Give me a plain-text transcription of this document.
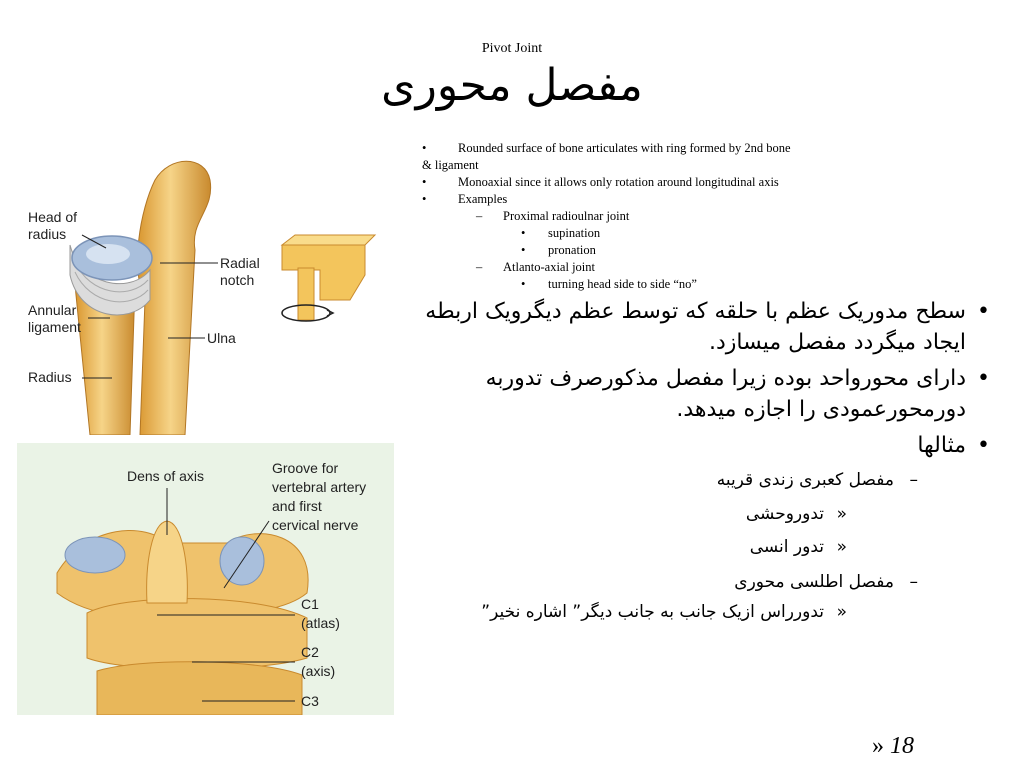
Pivot Joint
مفصل محوری
•	Rounded surface of bone articulates with ring formed by 2nd bone
& ligament
•	Monoaxial since it allows only rotation around longitudinal axis
•	Examples
– Proximal radioulnar joint
• supination
• pronation
– Atlanto-axial joint
• turning head side to side “no”
•
سطح مدوریک عظم با حلقه که توسط عظم دیگرویک اربطه ایجاد میگردد مفصل میسازد.
•
دارای محورواحد بوده زیرا مفصل مذکورصرف تدوربه دورمحورعمودی را اجازه میدهد.
•
مثالها
–
مفصل کعبری زندی قریبه
«
تدوروحشی
«
تدور انسی
–
مفصل اطلسی محوری
«
تدورراس ازیک جانب به جانب دیگر” اشاره نخیر”
Head of
radius
Radial
notch
Annular
ligament
Ulna
Radius
Dens of axis	Groove for
vertebral artery
and first
cervical nerve
C1
(atlas)
C2
(axis)
C3
» 18
